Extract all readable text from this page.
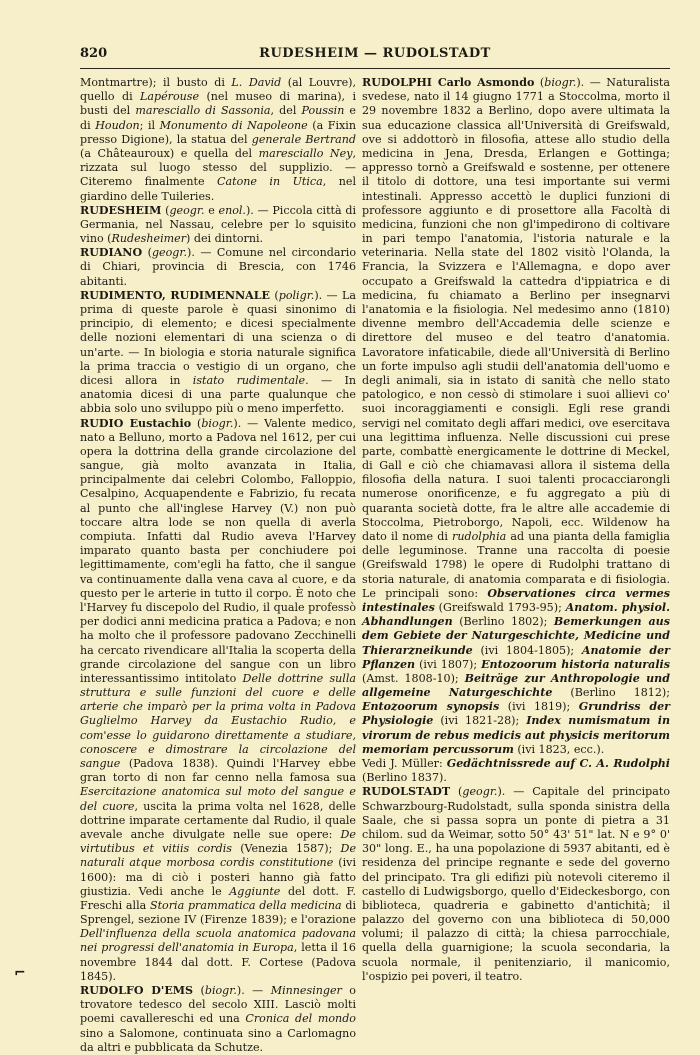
820	RUDESHEIM — RUDOLSTADT

Montmartre); il busto di L. David (al Louvre), quello di Lapérouse (nel museo di marina), i busti del maresciallo di Sassonia, del Poussin e di Houdon; il Monumento di Napoleone (a Fixin presso Digione), la statua del generale Bertrand (a Châteauroux) e quella del maresciallo Ney, rizzata sul luogo stesso del supplizio. — Citeremo finalmente Catone in Utica, nel giardino delle Tuileries.

RUDESHEIM (geogr. e enol.). — Piccola città di Germania, nel Nassau, celebre per lo squisito vino (Rudesheimer) dei dintorni.

RUDIANO (geogr.). — Comune nel circondario di Chiari, provincia di Brescia, con 1746 abitanti.

RUDIMENTO, RUDIMENNALE (poligr.). — La prima di queste parole è quasi sinonimo di principio, di elemento; e dicesi specialmente delle nozioni elementari di una scienza o di un'arte. — In biologia e storia naturale significa la prima traccia o vestigio di un organo, che dicesi allora in istato rudimentale. — In anatomia dicesi di una parte qualunque che abbia solo uno sviluppo più o meno imperfetto.

RUDIO Eustachio (biogr.). — Valente medico, nato a Belluno, morto a Padova nel 1612, per cui opera la dottrina della grande circolazione del sangue, già molto avanzata in Italia, principalmente dai celebri Colombo, Falloppio, Cesalpino, Acquapendente e Fabrizio, fu recata al punto che all'inglese Harvey (V.) non può toccare altra lode se non quella di averla compiuta. Infatti dal Rudio aveva l'Harvey imparato quanto basta per conchiudere poi legittimamente, com'egli ha fatto, che il sangue va continuamente dalla vena cava al cuore, e da questo per le arterie in tutto il corpo. È noto che l'Harvey fu discepolo del Rudio, il quale professò per dodici anni medicina pratica a Padova; e non ha molto che il professore padovano Zecchinelli ha cercato rivendicare all'Italia la scoperta della grande circolazione del sangue con un libro interessantissimo intitolato Delle dottrine sulla struttura e sulle funzioni del cuore e delle arterie che imparò per la prima volta in Padova Guglielmo Harvey da Eustachio Rudio, e com'esse lo guidarono direttamente a studiare, conoscere e dimostrare la circolazione del sangue (Padova 1838). Quindi l'Harvey ebbe gran torto di non far cenno nella famosa sua Esercitazione anatomica sul moto del sangue e del cuore, uscita la prima volta nel 1628, delle dottrine imparate certamente dal Rudio, il quale avevale anche divulgate nelle sue opere: De virtutibus et vitiis cordis (Venezia 1587); De naturali atque morbosa cordis constitutione (ivi 1600): ma di ciò i posteri hanno già fatto giustizia. Vedi anche le Aggiunte del dott. F. Freschi alla Storia prammatica della medicina di Sprengel, sezione IV (Firenze 1839); e l'orazione Dell'influenza della scuola anatomica padovana nei progressi dell'anatomia in Europa, letta il 16 novembre 1844 dal dott. F. Cortese (Padova 1845).

RUDOLFO D'EMS (biogr.). — Minnesinger o trovatore tedesco del secolo XIII. Lasciò molti poemi cavallereschi ed una Cronica del mondo sino a Salomone, continuata sino a Carlomagno da altri e pubblicata da Schutze.

RUDOLPHI Carlo Asmondo (biogr.). — Naturalista svedese, nato il 14 giugno 1771 a Stoccolma, morto il 29 novembre 1832 a Berlino, dopo avere ultimata la sua educazione classica all'Università di Greifswald, ove si addottorò in filosofia, attese allo studio della medicina in Jena, Dresda, Erlangen e Gottinga; appresso tornò a Greifswald e sostenne, per ottenere il titolo di dottore, una tesi importante sui vermi intestinali. Appresso accettò le duplici funzioni di professore aggiunto e di prosettore alla Facoltà di medicina, funzioni che non gl'impedirono di coltivare in pari tempo l'anatomia, l'istoria naturale e la veterinaria. Nella state del 1802 visitò l'Olanda, la Francia, la Svizzera e l'Allemagna, e dopo aver occupato a Greifswald la cattedra d'ippiatrica e di medicina, fu chiamato a Berlino per insegnarvi l'anatomia e la fisiologia. Nel medesimo anno (1810) divenne membro dell'Accademia delle scienze e direttore del museo e del teatro d'anatomia. Lavoratore infaticabile, diede all'Università di Berlino un forte impulso agli studii dell'anatomia dell'uomo e degli animali, sia in istato di sanità che nello stato patologico, e non cessò di stimolare i suoi allievi co' suoi incoraggiamenti e consigli. Egli rese grandi servigi nel comitato degli affari medici, ove esercitava una legittima influenza. Nelle discussioni cui prese parte, combattè energicamente le dottrine di Meckel, di Gall e ciò che chiamavasi allora il sistema della filosofia della natura. I suoi talenti procacciarongli numerose onorificenze, e fu aggregato a più di quaranta società dotte, fra le altre alle accademie di Stoccolma, Pietroborgo, Napoli, ecc. Wildenow ha dato il nome di rudolphia ad una pianta della famiglia delle leguminose. Tranne una raccolta di poesie (Greifswald 1798) le opere di Rudolphi trattano di storia naturale, di anatomia comparata e di fisiologia. Le principali sono: Observationes circa vermes intestinales (Greifswald 1793-95); Anatom. physiol. Abhandlungen (Berlino 1802); Bemerkungen aus dem Gebiete der Naturgeschichte, Medicine und Thierarzneikunde (ivi 1804-1805); Anatomie der Pflanzen (ivi 1807); Entozoorum historia naturalis (Amst. 1808-10); Beiträge zur Anthropologie und allgemeine Naturgeschichte (Berlino 1812); Entozoorum synopsis (ivi 1819); Grundriss der Physiologie (ivi 1821-28); Index numismatum in virorum de rebus medicis aut physicis meritorum memoriam percussorum (ivi 1823, ecc.).

Vedi J. Müller: Gedächtnissrede auf C. A. Rudolphi (Berlino 1837).

RUDOLSTADT (geogr.). — Capitale del principato Schwarzbourg-Rudolstadt, sulla sponda sinistra della Saale, che si passa sopra un ponte di pietra a 31 chilom. sud da Weimar, sotto 50° 43' 51" lat. N e 9° 0' 30" long. E., ha una popolazione di 5937 abitanti, ed è residenza del principe regnante e sede del governo del principato. Tra gli edifizi più notevoli citeremo il castello di Ludwigsborgo, quello d'Eideckesborgo, con biblioteca, quadreria e gabinetto d'antichità; il palazzo del governo con una biblioteca di 50,000 volumi; il palazzo di città; la chiesa parrocchiale, quella della guarnigione; la scuola secondaria, la scuola normale, il penitenziario, il manicomio, l'ospizio pei poveri, il teatro.

⌐
